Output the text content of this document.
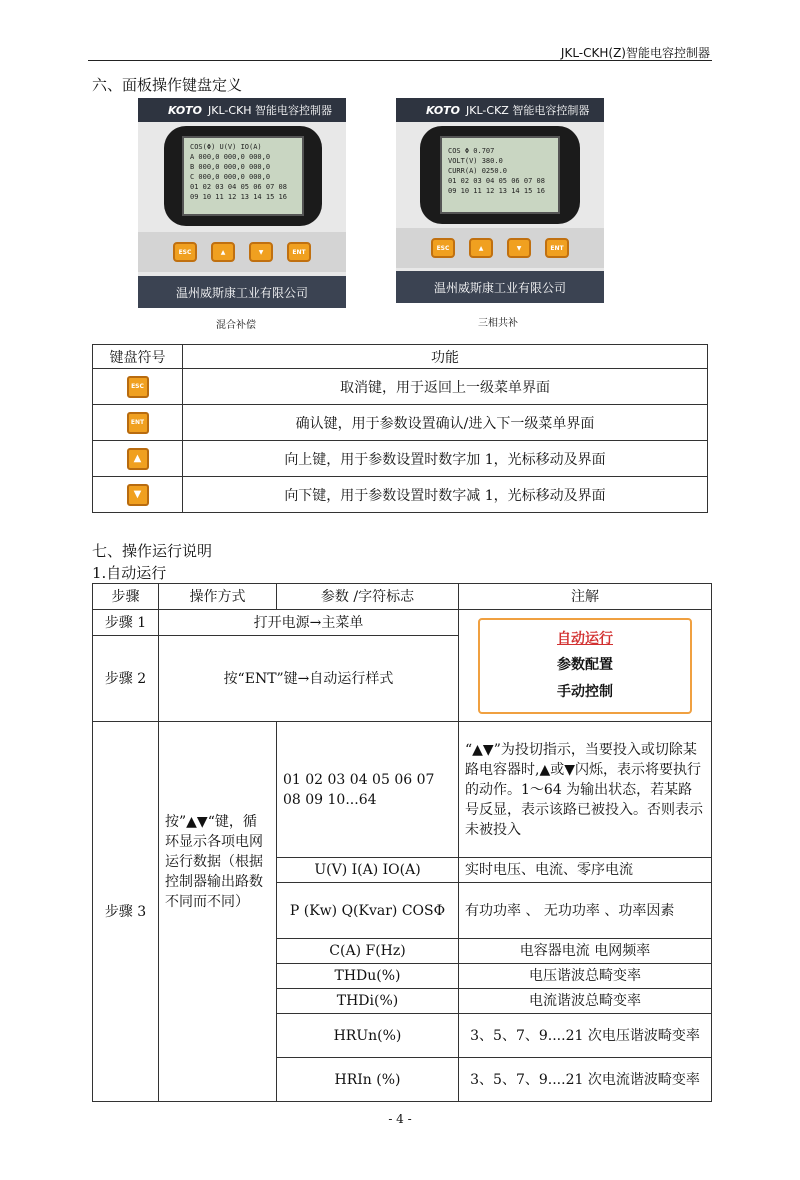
JKL-CKH(Z)智能电容控制器
六、面板操作键盘定义
KOTO JKL-CKH 智能电容控制器
COS(Φ) U(V) IO(A)
A 000,0 000,0 000,0
B 000,0 000,0 000,0
C 000,0 000,0 000,0
01 02 03 04 05 06 07 08
09 10 11 12 13 14 15 16
ESC	▲	▼	ENT
温州威斯康工业有限公司
混合补偿
KOTO JKL-CKZ 智能电容控制器
COS Φ 0.707
VOLT(V) 380.0
CURR(A) 0250.0
01 02 03 04 05 06 07 08
09 10 11 12 13 14 15 16
ESC	▲	▼	ENT
温州威斯康工业有限公司
三相共补
键盘符号	功能

ESC	取消键，用于返回上一级菜单界面

ENT	确认键，用于参数设置确认/进入下一级菜单界面

▲	向上键，用于参数设置时数字加 1，光标移动及界面

▼	向下键，用于参数设置时数字减 1，光标移动及界面
七、操作运行说明
1.自动运行
步骤	操作方式	参数 /字符标志	注解
步骤 1	打开电源→主菜单		自动运行
参数配置
手动控制

步骤 2	按“ENT”键→自动运行样式		
步骤 3	按”▲▼“键，循环显示各项电网运行数据（根据控制器输出路数不同而不同）	01 02 03 04 05 06 07 08 09 10...64	“▲▼”为投切指示，当要投入或切除某路电容器时,▲或▼闪烁，表示将要执行的动作。1～64 为输出状态，若某路号反显，表示该路已被投入。否则表示未被投入
		U(V) I(A) IO(A)	实时电压、电流、零序电流
		P (Kw) Q(Kvar) COSΦ	有功功率 、 无功功率 、功率因素
		C(A) F(Hz)	电容器电流 电网频率
		THDu(%)	电压谐波总畸变率
		THDi(%)	电流谐波总畸变率
		HRUn(%)	3、5、7、9....21 次电压谐波畸变率
		HRIn (%)	3、5、7、9....21 次电流谐波畸变率
- 4 -
